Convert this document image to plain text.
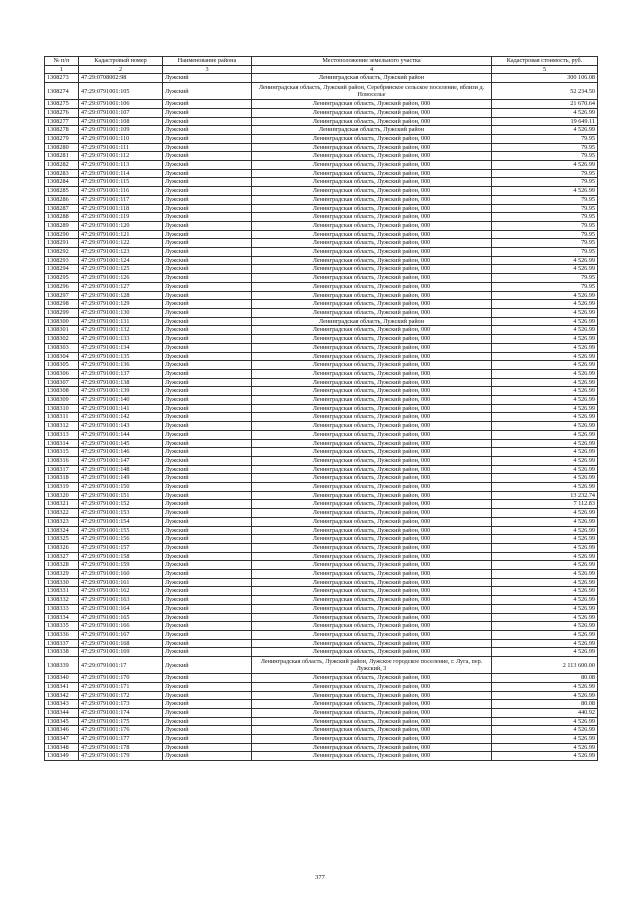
№ п/п	Кадастровый номер	Наименование района	Местоположение земельного участка	Кадастровая стоимость, руб.
1	2	3	4	5
1308273	47:29:0708002:98	Лужский	Ленинградская область, Лужский район	300 106.08
1308274	47:29:0791001:105	Лужский	Ленинградская область, Лужский район, Серебрянское сельское поселение, вблизи д. Новоселье	52 234.50
1308275	47:29:0791001:106	Лужский	Ленинградская область, Лужский район, 000	21 670.64
1308276	47:29:0791001:107	Лужский	Ленинградская область, Лужский район, 000	4 526.99
1308277	47:29:0791001:108	Лужский	Ленинградская область, Лужский район, 000	19 649.11
1308278	47:29:0791001:109	Лужский	Ленинградская область, Лужский район	4 526.99
1308279	47:29:0791001:110	Лужский	Ленинградская область, Лужский район, 000	79.95
1308280	47:29:0791001:111	Лужский	Ленинградская область, Лужский район, 000	79.95
1308281	47:29:0791001:112	Лужский	Ленинградская область, Лужский район, 000	79.95
1308282	47:29:0791001:113	Лужский	Ленинградская область, Лужский район, 000	4 526.99
1308283	47:29:0791001:114	Лужский	Ленинградская область, Лужский район, 000	79.95
1308284	47:29:0791001:115	Лужский	Ленинградская область, Лужский район, 000	79.95
1308285	47:29:0791001:116	Лужский	Ленинградская область, Лужский район, 000	4 526.99
1308286	47:29:0791001:117	Лужский	Ленинградская область, Лужский район, 000	79.95
1308287	47:29:0791001:118	Лужский	Ленинградская область, Лужский район, 000	79.95
1308288	47:29:0791001:119	Лужский	Ленинградская область, Лужский район, 000	79.95
1308289	47:29:0791001:120	Лужский	Ленинградская область, Лужский район, 000	79.95
1308290	47:29:0791001:121	Лужский	Ленинградская область, Лужский район, 000	79.95
1308291	47:29:0791001:122	Лужский	Ленинградская область, Лужский район, 000	79.95
1308292	47:29:0791001:123	Лужский	Ленинградская область, Лужский район, 000	79.95
1308293	47:29:0791001:124	Лужский	Ленинградская область, Лужский район, 000	4 526.99
1308294	47:29:0791001:125	Лужский	Ленинградская область, Лужский район, 000	4 526.99
1308295	47:29:0791001:126	Лужский	Ленинградская область, Лужский район, 000	79.95
1308296	47:29:0791001:127	Лужский	Ленинградская область, Лужский район, 000	79.95
1308297	47:29:0791001:128	Лужский	Ленинградская область, Лужский район, 000	4 526.99
1308298	47:29:0791001:129	Лужский	Ленинградская область, Лужский район, 000	4 526.99
1308299	47:29:0791001:130	Лужский	Ленинградская область, Лужский район, 000	4 526.99
1308300	47:29:0791001:131	Лужский	Ленинградская область, Лужский район	4 526.99
1308301	47:29:0791001:132	Лужский	Ленинградская область, Лужский район, 000	4 526.99
1308302	47:29:0791001:133	Лужский	Ленинградская область, Лужский район, 000	4 526.99
1308303	47:29:0791001:134	Лужский	Ленинградская область, Лужский район, 000	4 526.99
1308304	47:29:0791001:135	Лужский	Ленинградская область, Лужский район, 000	4 526.99
1308305	47:29:0791001:136	Лужский	Ленинградская область, Лужский район, 000	4 526.99
1308306	47:29:0791001:137	Лужский	Ленинградская область, Лужский район, 000	4 526.99
1308307	47:29:0791001:138	Лужский	Ленинградская область, Лужский район, 000	4 526.99
1308308	47:29:0791001:139	Лужский	Ленинградская область, Лужский район, 000	4 526.99
1308309	47:29:0791001:140	Лужский	Ленинградская область, Лужский район, 000	4 526.99
1308310	47:29:0791001:141	Лужский	Ленинградская область, Лужский район, 000	4 526.99
1308311	47:29:0791001:142	Лужский	Ленинградская область, Лужский район, 000	4 526.99
1308312	47:29:0791001:143	Лужский	Ленинградская область, Лужский район, 000	4 526.99
1308313	47:29:0791001:144	Лужский	Ленинградская область, Лужский район, 000	4 526.99
1308314	47:29:0791001:145	Лужский	Ленинградская область, Лужский район, 000	4 526.99
1308315	47:29:0791001:146	Лужский	Ленинградская область, Лужский район, 000	4 526.99
1308316	47:29:0791001:147	Лужский	Ленинградская область, Лужский район, 000	4 526.99
1308317	47:29:0791001:148	Лужский	Ленинградская область, Лужский район, 000	4 526.99
1308318	47:29:0791001:149	Лужский	Ленинградская область, Лужский район, 000	4 526.99
1308319	47:29:0791001:150	Лужский	Ленинградская область, Лужский район, 000	4 526.99
1308320	47:29:0791001:151	Лужский	Ленинградская область, Лужский район, 000	13 232.74
1308321	47:29:0791001:152	Лужский	Ленинградская область, Лужский район, 000	7 112.83
1308322	47:29:0791001:153	Лужский	Ленинградская область, Лужский район, 000	4 526.99
1308323	47:29:0791001:154	Лужский	Ленинградская область, Лужский район, 000	4 526.99
1308324	47:29:0791001:155	Лужский	Ленинградская область, Лужский район, 000	4 526.99
1308325	47:29:0791001:156	Лужский	Ленинградская область, Лужский район, 000	4 526.99
1308326	47:29:0791001:157	Лужский	Ленинградская область, Лужский район, 000	4 526.99
1308327	47:29:0791001:158	Лужский	Ленинградская область, Лужский район, 000	4 526.99
1308328	47:29:0791001:159	Лужский	Ленинградская область, Лужский район, 000	4 526.99
1308329	47:29:0791001:160	Лужский	Ленинградская область, Лужский район, 000	4 526.99
1308330	47:29:0791001:161	Лужский	Ленинградская область, Лужский район, 000	4 526.99
1308331	47:29:0791001:162	Лужский	Ленинградская область, Лужский район, 000	4 526.99
1308332	47:29:0791001:163	Лужский	Ленинградская область, Лужский район, 000	4 526.99
1308333	47:29:0791001:164	Лужский	Ленинградская область, Лужский район, 000	4 526.99
1308334	47:29:0791001:165	Лужский	Ленинградская область, Лужский район, 000	4 526.99
1308335	47:29:0791001:166	Лужский	Ленинградская область, Лужский район, 000	4 526.99
1308336	47:29:0791001:167	Лужский	Ленинградская область, Лужский район, 000	4 526.99
1308337	47:29:0791001:168	Лужский	Ленинградская область, Лужский район, 000	4 526.99
1308338	47:29:0791001:169	Лужский	Ленинградская область, Лужский район, 000	4 526.99
1308339	47:29:0791001:17	Лужский	Ленинградская область, Лужский район, Лужское городское поселение, г. Луга, пер. Лужский, 3	2 113 600.00
1308340	47:29:0791001:170	Лужский	Ленинградская область, Лужский район, 000	80.08
1308341	47:29:0791001:171	Лужский	Ленинградская область, Лужский район, 000	4 526.99
1308342	47:29:0791001:172	Лужский	Ленинградская область, Лужский район, 000	4 526.99
1308343	47:29:0791001:173	Лужский	Ленинградская область, Лужский район, 000	80.08
1308344	47:29:0791001:174	Лужский	Ленинградская область, Лужский район, 000	440.92
1308345	47:29:0791001:175	Лужский	Ленинградская область, Лужский район, 000	4 526.99
1308346	47:29:0791001:176	Лужский	Ленинградская область, Лужский район, 000	4 526.99
1308347	47:29:0791001:177	Лужский	Ленинградская область, Лужский район, 000	4 526.99
1308348	47:29:0791001:178	Лужский	Ленинградская область, Лужский район, 000	4 526.99
1308349	47:29:0791001:179	Лужский	Ленинградская область, Лужский район, 000	4 526.99
377
